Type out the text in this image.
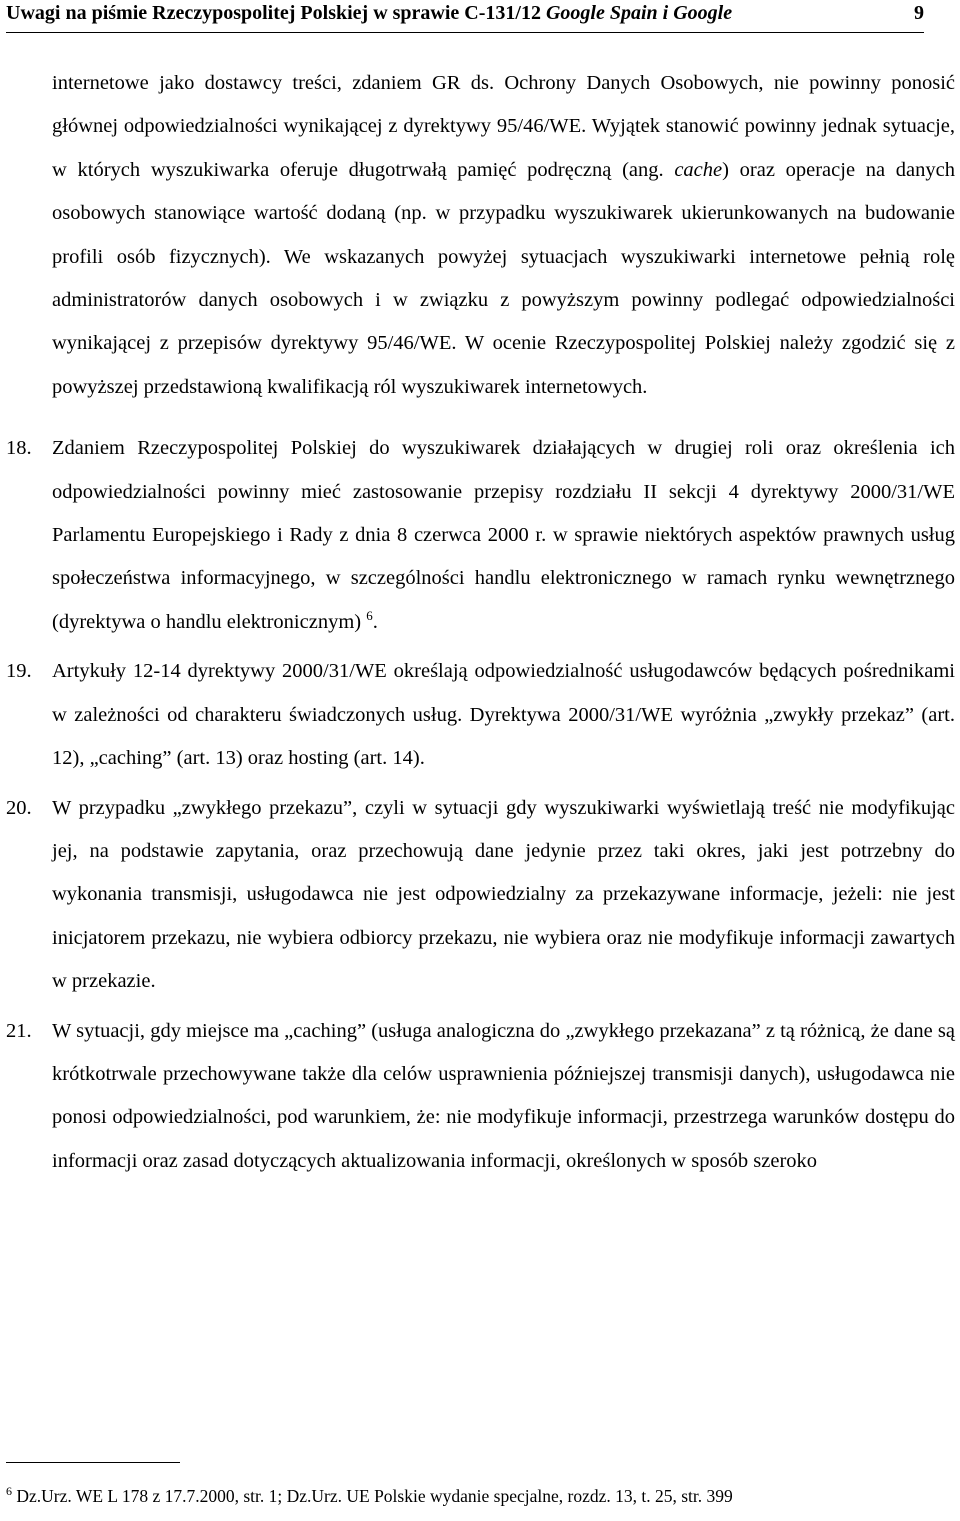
Uwagi na piśmie Rzeczypospolitej Polskiej w sprawie C-131/12 Google Spain i Google	9

internetowe jako dostawcy treści, zdaniem GR ds. Ochrony Danych Osobowych, nie powinny ponosić głównej odpowiedzialności wynikającej z dyrektywy 95/46/WE. Wyjątek stanowić powinny jednak sytuacje, w których wyszukiwarka oferuje długotrwałą pamięć podręczną (ang. cache) oraz operacje na danych osobowych stanowiące wartość dodaną (np. w przypadku wyszukiwarek ukierunkowanych na budowanie profili osób fizycznych). We wskazanych powyżej sytuacjach wyszukiwarki internetowe pełnią rolę administratorów danych osobowych i w związku z powyższym powinny podlegać odpowiedzialności wynikającej z przepisów dyrektywy 95/46/WE. W ocenie Rzeczypospolitej Polskiej należy zgodzić się z powyższej przedstawioną kwalifikacją ról wyszukiwarek internetowych.

18. Zdaniem Rzeczypospolitej Polskiej do wyszukiwarek działających w drugiej roli oraz określenia ich odpowiedzialności powinny mieć zastosowanie przepisy rozdziału II sekcji 4 dyrektywy 2000/31/WE Parlamentu Europejskiego i Rady z dnia 8 czerwca 2000 r. w sprawie niektórych aspektów prawnych usług społeczeństwa informacyjnego, w szczególności handlu elektronicznego w ramach rynku wewnętrznego (dyrektywa o handlu elektronicznym) $^6$.

19. Artykuły 12-14 dyrektywy 2000/31/WE określają odpowiedzialność usługodawców będących pośrednikami w zależności od charakteru świadczonych usług. Dyrektywa 2000/31/WE wyróżnia „zwykły przekaz” (art. 12), „caching” (art. 13) oraz hosting (art. 14).

20. W przypadku „zwykłego przekazu”, czyli w sytuacji gdy wyszukiwarki wyświetlają treść nie modyfikując jej, na podstawie zapytania, oraz przechowują dane jedynie przez taki okres, jaki jest potrzebny do wykonania transmisji, usługodawca nie jest odpowiedzialny za przekazywane informacje, jeżeli: nie jest inicjatorem przekazu, nie wybiera odbiorcy przekazu, nie wybiera oraz nie modyfikuje informacji zawartych w przekazie.

21. W sytuacji, gdy miejsce ma „caching” (usługa analogiczna do „zwykłego przekazana” z tą różnicą, że dane są krótkotrwale przechowywane także dla celów usprawnienia późniejszej transmisji danych), usługodawca nie ponosi odpowiedzialności, pod warunkiem, że: nie modyfikuje informacji, przestrzega warunków dostępu do informacji oraz zasad dotyczących aktualizowania informacji, określonych w sposób szeroko

$^6$ Dz.Urz. WE L 178 z 17.7.2000, str. 1; Dz.Urz. UE Polskie wydanie specjalne, rozdz. 13, t. 25, str. 399
